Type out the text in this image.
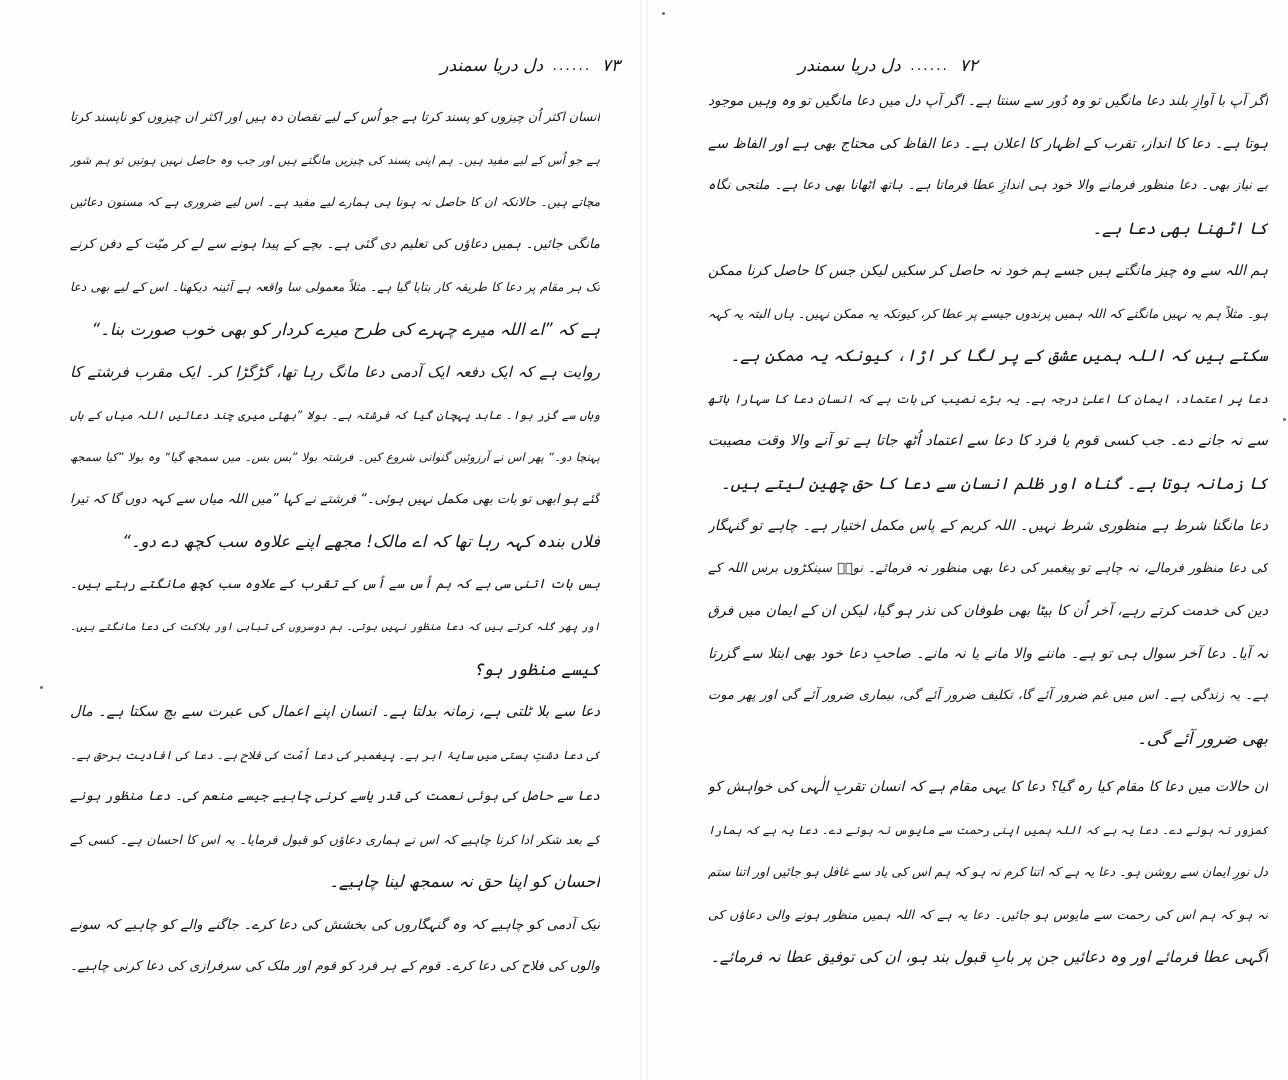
دل دریا سمندر ...... ۷۳
انسان اکثر اُن چیزوں کو پسند کرتا ہے جو اُس کے لیے نقصان دہ ہیں اور اکثر ان چیزوں کو ناپسند کرتا
ہے جو اُس کے لیے مفید ہیں۔ ہم اپنی پسند کی چیزیں مانگتے ہیں اور جب وہ حاصل نہیں ہوتیں تو ہم شور
مچاتے ہیں۔ حالانکہ ان کا حاصل نہ ہونا ہی ہمارے لیے مفید ہے۔ اس لیے ضروری ہے کہ مسنون دعائیں
مانگی جائیں۔ ہمیں دعاؤں کی تعلیم دی گئی ہے۔ بچے کے پیدا ہونے سے لے کر میّت کے دفن کرنے
تک ہر مقام پر دعا کا طریقہ کار بتایا گیا ہے۔ مثلاً معمولی سا واقعہ ہے آئینہ دیکھنا۔ اس کے لیے بھی دعا
ہے کہ ”اے اللہ میرے چہرے کی طرح میرے کردار کو بھی خوب صورت بنا۔“
روایت ہے کہ ایک دفعہ ایک آدمی دعا مانگ رہا تھا، گڑگڑا کر۔ ایک مقرب فرشتے کا
وہاں سے گزر ہوا۔ عابد پہچان گیا کہ فرشتہ ہے۔ بولا ”بھئی میری چند دعائیں اللہ میاں کے ہاں
پہنچا دو۔“ پھر اس نے آرزوئیں گنوانی شروع کیں۔ فرشتہ بولا ”بس بس۔ میں سمجھ گیا“ وہ بولا ”کیا سمجھ
گئے ہو ابھی تو بات بھی مکمل نہیں ہوئی۔“ فرشتے نے کہا ”میں اللہ میاں سے کہہ دوں گا کہ تیرا
فلاں بندہ کہہ رہا تھا کہ اے مالک! مجھے اپنے علاوہ سب کچھ دے دو۔“
بس بات اتنی سی ہے کہ ہم اُس سے اُس کے تقرب کے علاوہ سب کچھ مانگتے رہتے ہیں۔
اور پھر گلہ کرتے ہیں کہ دعا منظور نہیں ہوتی۔ ہم دوسروں کی تباہی اور ہلاکت کی دعا مانگتے ہیں۔
کیسے منظور ہو؟
دعا سے بلا ٹلتی ہے، زمانہ بدلتا ہے۔ انسان اپنے اعمال کی عبرت سے بچ سکتا ہے۔ مال
کی دعا دشتِ ہستی میں سایۂ ابر ہے۔ پیغمبر کی دعا اُمّت کی فلاح ہے۔ دعا کی افادیت برحق ہے۔
دعا سے حاصل کی ہوئی نعمت کی قدر یاسے کرنی چاہیے جیسے منعم کی۔ دعا منظور ہونے
کے بعد شکر ادا کرنا چاہیے کہ اس نے ہماری دعاؤں کو قبول فرمایا۔ یہ اس کا احسان ہے۔ کسی کے
احسان کو اپنا حق نہ سمجھ لینا چاہیے۔
نیک آدمی کو چاہیے کہ وہ گنہگاروں کی بخشش کی دعا کرے۔ جاگنے والے کو چاہیے کہ سونے
والوں کی فلاح کی دعا کرے۔ قوم کے ہر فرد کو قوم اور ملک کی سرفرازی کی دعا کرنی چاہیے۔
دل دریا سمندر ...... ۷۲
اگر آپ با آوازِ بلند دعا مانگیں تو وہ دُور سے سنتا ہے۔ اگر آپ دل میں دعا مانگیں تو وہ وہیں موجود
ہوتا ہے۔ دعا کا انداز، تقرب کے اظہار کا اعلان ہے۔ دعا الفاظ کی محتاج بھی ہے اور الفاظ سے
بے نیاز بھی۔ دعا منظور فرمانے والا خود ہی اندازِ عطا فرماتا ہے۔ ہاتھ اٹھانا بھی دعا ہے۔ ملتجی نگاہ
کا اٹھنا بھی دعا ہے۔
ہم اللہ سے وہ چیز مانگتے ہیں جسے ہم خود نہ حاصل کر سکیں لیکن جس کا حاصل کرنا ممکن
ہو۔ مثلاً ہم یہ نہیں مانگتے کہ اللہ ہمیں پرندوں جیسے پر عطا کر، کیونکہ یہ ممکن نہیں۔ ہاں البتہ یہ کہہ
سکتے ہیں کہ اللہ ہمیں عشق کے پر لگا کر اڑا، کیونکہ یہ ممکن ہے۔
دعا پر اعتماد، ایمان کا اعلیٰ درجہ ہے۔ یہ بڑے نصیب کی بات ہے کہ انسان دعا کا سہارا ہاتھ
سے نہ جانے دے۔ جب کسی قوم یا فرد کا دعا سے اعتماد اُٹھ جاتا ہے تو آنے والا وقت مصیبت
کا زمانہ ہوتا ہے۔ گناہ اور ظلم انسان سے دعا کا حق چھین لیتے ہیں۔
دعا مانگنا شرط ہے منظوری شرط نہیں۔ اللہ کریم کے پاس مکمل اختیار ہے۔ چاہے تو گنہگار
کی دعا منظور فرمالے، نہ چاہے تو پیغمبر کی دعا بھی منظور نہ فرمائے۔ نوحؑ سینکڑوں برس اللہ کے
دین کی خدمت کرتے رہے، آخر اُن کا بیٹا بھی طوفان کی نذر ہو گیا، لیکن ان کے ایمان میں فرق
نہ آیا۔ دعا آخر سوال ہی تو ہے۔ ماننے والا مانے یا نہ مانے۔ صاحبِ دعا خود بھی ابتلا سے گزرتا
ہے۔ یہ زندگی ہے۔ اس میں غم ضرور آئے گا، تکلیف ضرور آئے گی، بیماری ضرور آئے گی اور پھر موت
بھی ضرور آئے گی۔
ان حالات میں دعا کا مقام کیا رہ گیا؟ دعا کا یہی مقام ہے کہ انسان تقربِ الٰہی کی خواہش کو
کمزور نہ ہونے دے۔ دعا یہ ہے کہ اللہ ہمیں اپنی رحمت سے مایوس نہ ہونے دے۔ دعا یہ ہے کہ ہمارا
دل نورِ ایمان سے روشن ہو۔ دعا یہ ہے کہ اتنا کرم نہ ہو کہ ہم اس کی یاد سے غافل ہو جائیں اور اتنا ستم
نہ ہو کہ ہم اس کی رحمت سے مایوس ہو جائیں۔ دعا یہ ہے کہ اللہ ہمیں منظور ہونے والی دعاؤں کی
آگہی عطا فرمائے اور وہ دعائیں جن پر بابِ قبول بند ہو، ان کی توفیق عطا نہ فرمائے۔
